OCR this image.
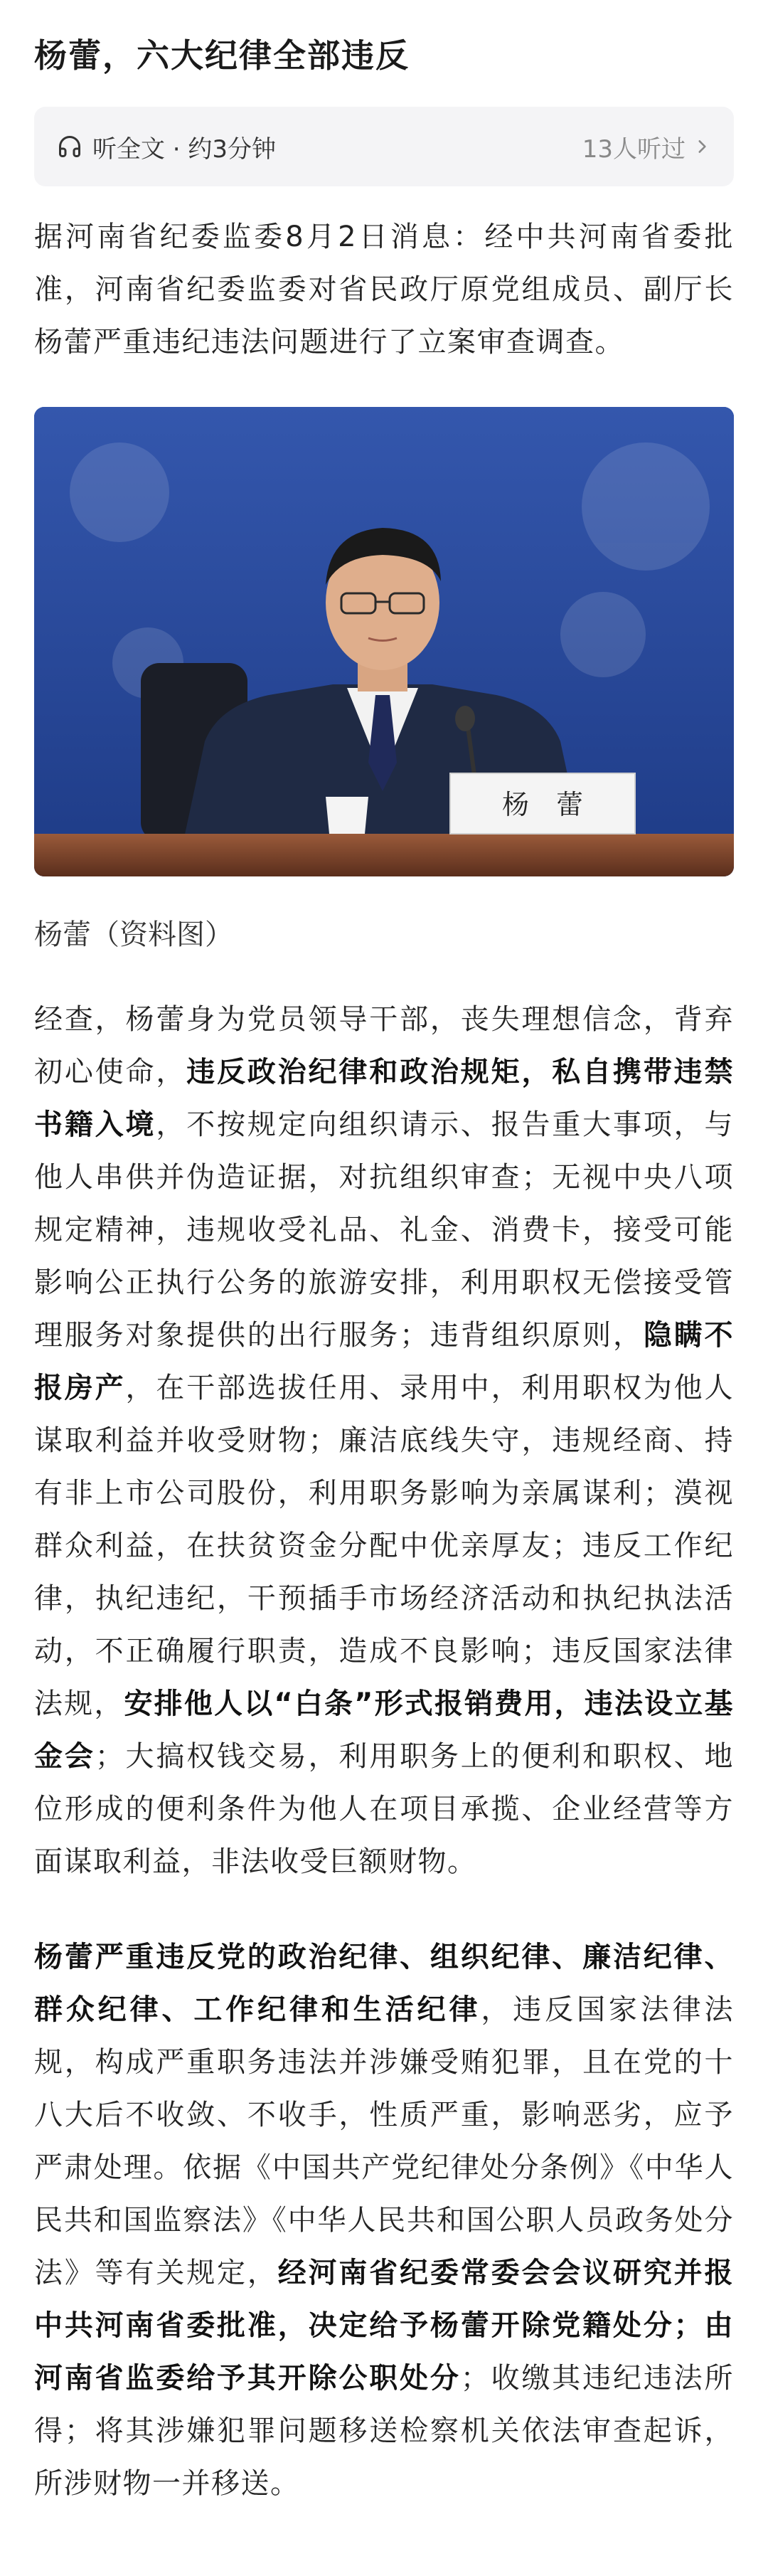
杨蕾，六大纪律全部违反
听全文 · 约3分钟	13人听过

据河南省纪委监委8月2日消息：经中共河南省委批准，河南省纪委监委对省民政厅原党组成员、副厅长杨蕾严重违纪违法问题进行了立案审查调查。

杨　蕾
杨蕾（资料图）

经查，杨蕾身为党员领导干部，丧失理想信念，背弃初心使命，违反政治纪律和政治规矩，私自携带违禁书籍入境，不按规定向组织请示、报告重大事项，与他人串供并伪造证据，对抗组织审查；无视中央八项规定精神，违规收受礼品、礼金、消费卡，接受可能影响公正执行公务的旅游安排，利用职权无偿接受管理服务对象提供的出行服务；违背组织原则，隐瞒不报房产，在干部选拔任用、录用中，利用职权为他人谋取利益并收受财物；廉洁底线失守，违规经商、持有非上市公司股份，利用职务影响为亲属谋利；漠视群众利益，在扶贫资金分配中优亲厚友；违反工作纪律，执纪违纪，干预插手市场经济活动和执纪执法活动，不正确履行职责，造成不良影响；违反国家法律法规，安排他人以“白条”形式报销费用，违法设立基金会；大搞权钱交易，利用职务上的便利和职权、地位形成的便利条件为他人在项目承揽、企业经营等方面谋取利益，非法收受巨额财物。

杨蕾严重违反党的政治纪律、组织纪律、廉洁纪律、群众纪律、工作纪律和生活纪律，违反国家法律法规，构成严重职务违法并涉嫌受贿犯罪，且在党的十八大后不收敛、不收手，性质严重，影响恶劣，应予严肃处理。依据《中国共产党纪律处分条例》《中华人民共和国监察法》《中华人民共和国公职人员政务处分法》等有关规定，经河南省纪委常委会会议研究并报中共河南省委批准，决定给予杨蕾开除党籍处分；由河南省监委给予其开除公职处分；收缴其违纪违法所得；将其涉嫌犯罪问题移送检察机关依法审查起诉，所涉财物一并移送。
